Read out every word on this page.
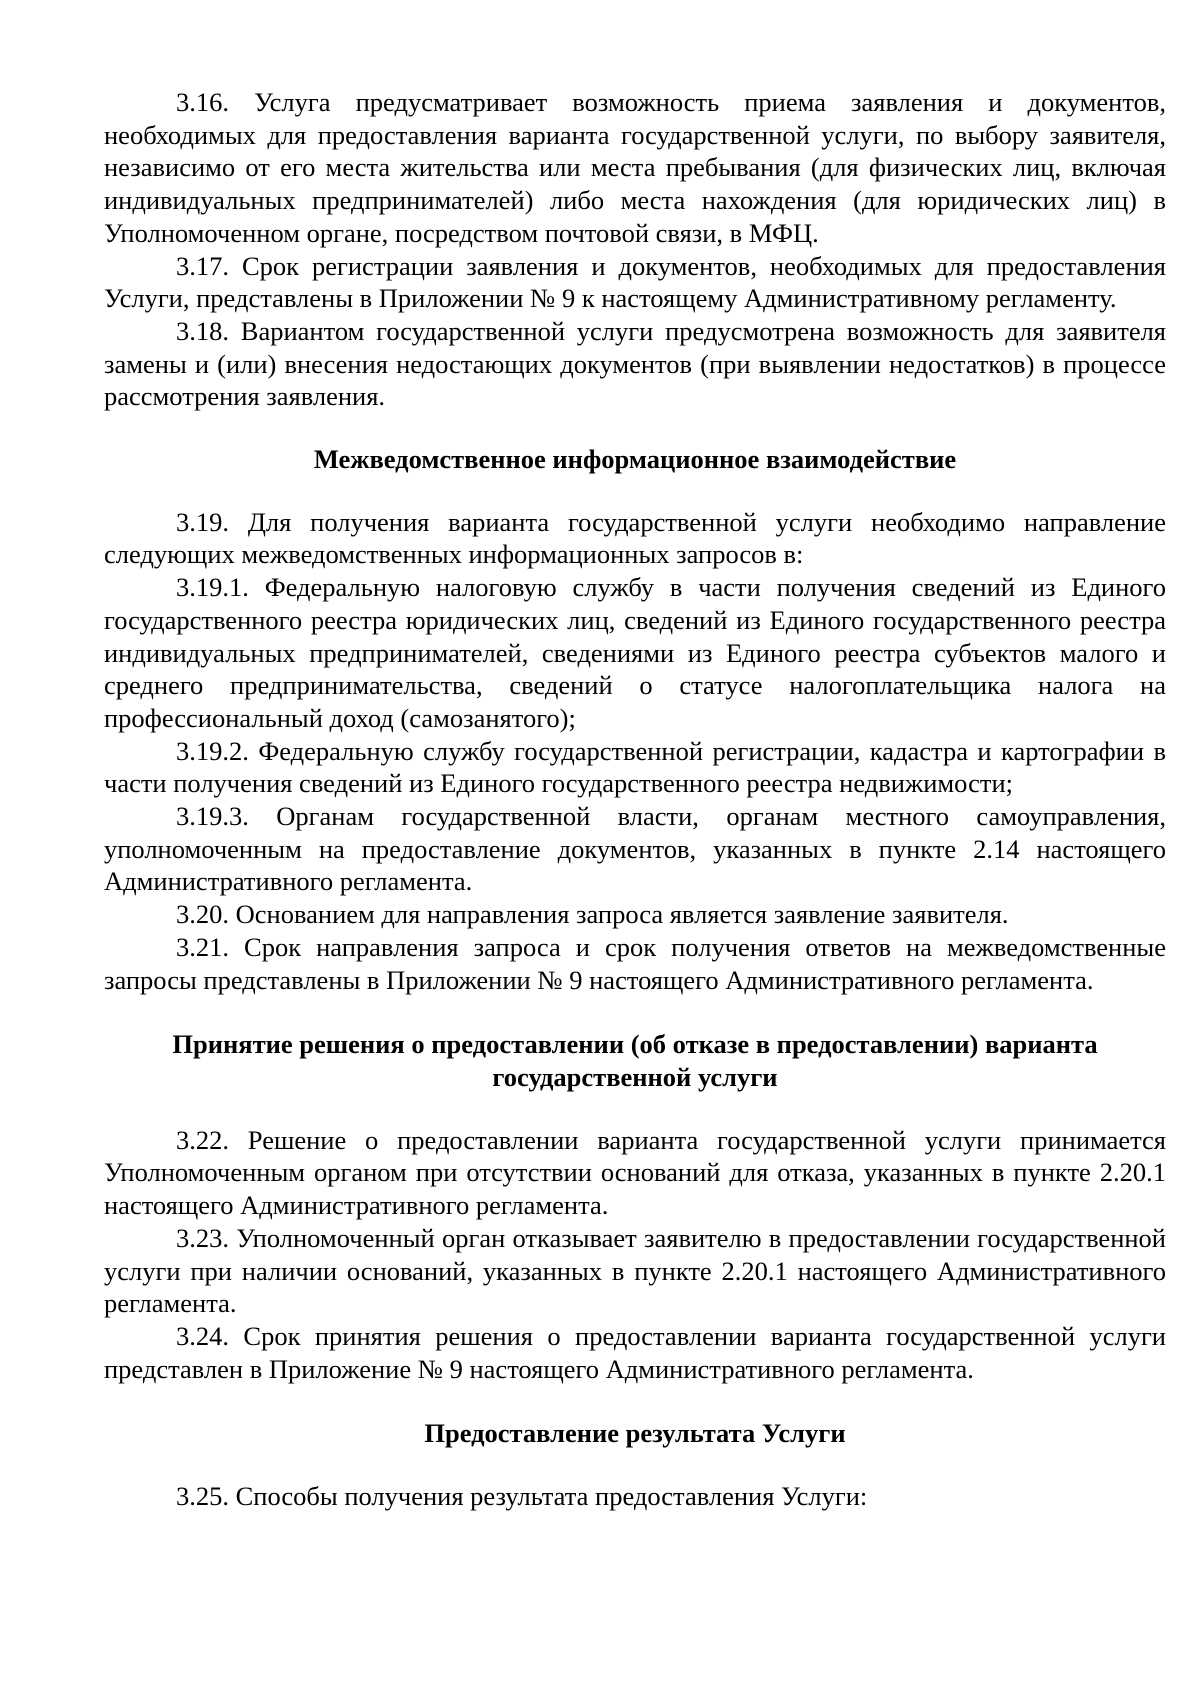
3.16. Услуга предусматривает возможность приема заявления и документов, необходимых для предоставления варианта государственной услуги, по выбору заявителя, независимо от его места жительства или места пребывания (для физических лиц, включая индивидуальных предпринимателей) либо места нахождения (для юридических лиц) в Уполномоченном органе, посредством почтовой связи, в МФЦ.

3.17. Срок регистрации заявления и документов, необходимых для предоставления Услуги, представлены в Приложении № 9 к настоящему Административному регламенту.

3.18. Вариантом государственной услуги предусмотрена возможность для заявителя замены и (или) внесения недостающих документов (при выявлении недостатков) в процессе рассмотрения заявления.

Межведомственное информационное взаимодействие

3.19. Для получения варианта государственной услуги необходимо направление следующих межведомственных информационных запросов в:

3.19.1. Федеральную налоговую службу в части получения сведений из Единого государственного реестра юридических лиц, сведений из Единого государственного реестра индивидуальных предпринимателей, сведениями из Единого реестра субъектов малого и среднего предпринимательства, сведений о статусе налогоплательщика налога на профессиональный доход (самозанятого);

3.19.2. Федеральную службу государственной регистрации, кадастра и картографии в части получения сведений из Единого государственного реестра недвижимости;

3.19.3. Органам государственной власти, органам местного самоуправления, уполномоченным на предоставление документов, указанных в пункте 2.14 настоящего Административного регламента.

3.20. Основанием для направления запроса является заявление заявителя.

3.21. Срок направления запроса и срок получения ответов на межведомственные запросы представлены в Приложении № 9 настоящего Административного регламента.

Принятие решения о предоставлении (об отказе в предоставлении) варианта
государственной услуги

3.22. Решение о предоставлении варианта государственной услуги принимается Уполномоченным органом при отсутствии оснований для отказа, указанных в пункте 2.20.1 настоящего Административного регламента.

3.23. Уполномоченный орган отказывает заявителю в предоставлении государственной услуги при наличии оснований, указанных в пункте 2.20.1 настоящего Административного регламента.

3.24. Срок принятия решения о предоставлении варианта государственной услуги представлен в Приложение № 9 настоящего Административного регламента.

Предоставление результата Услуги

3.25. Способы получения результата предоставления Услуги:
